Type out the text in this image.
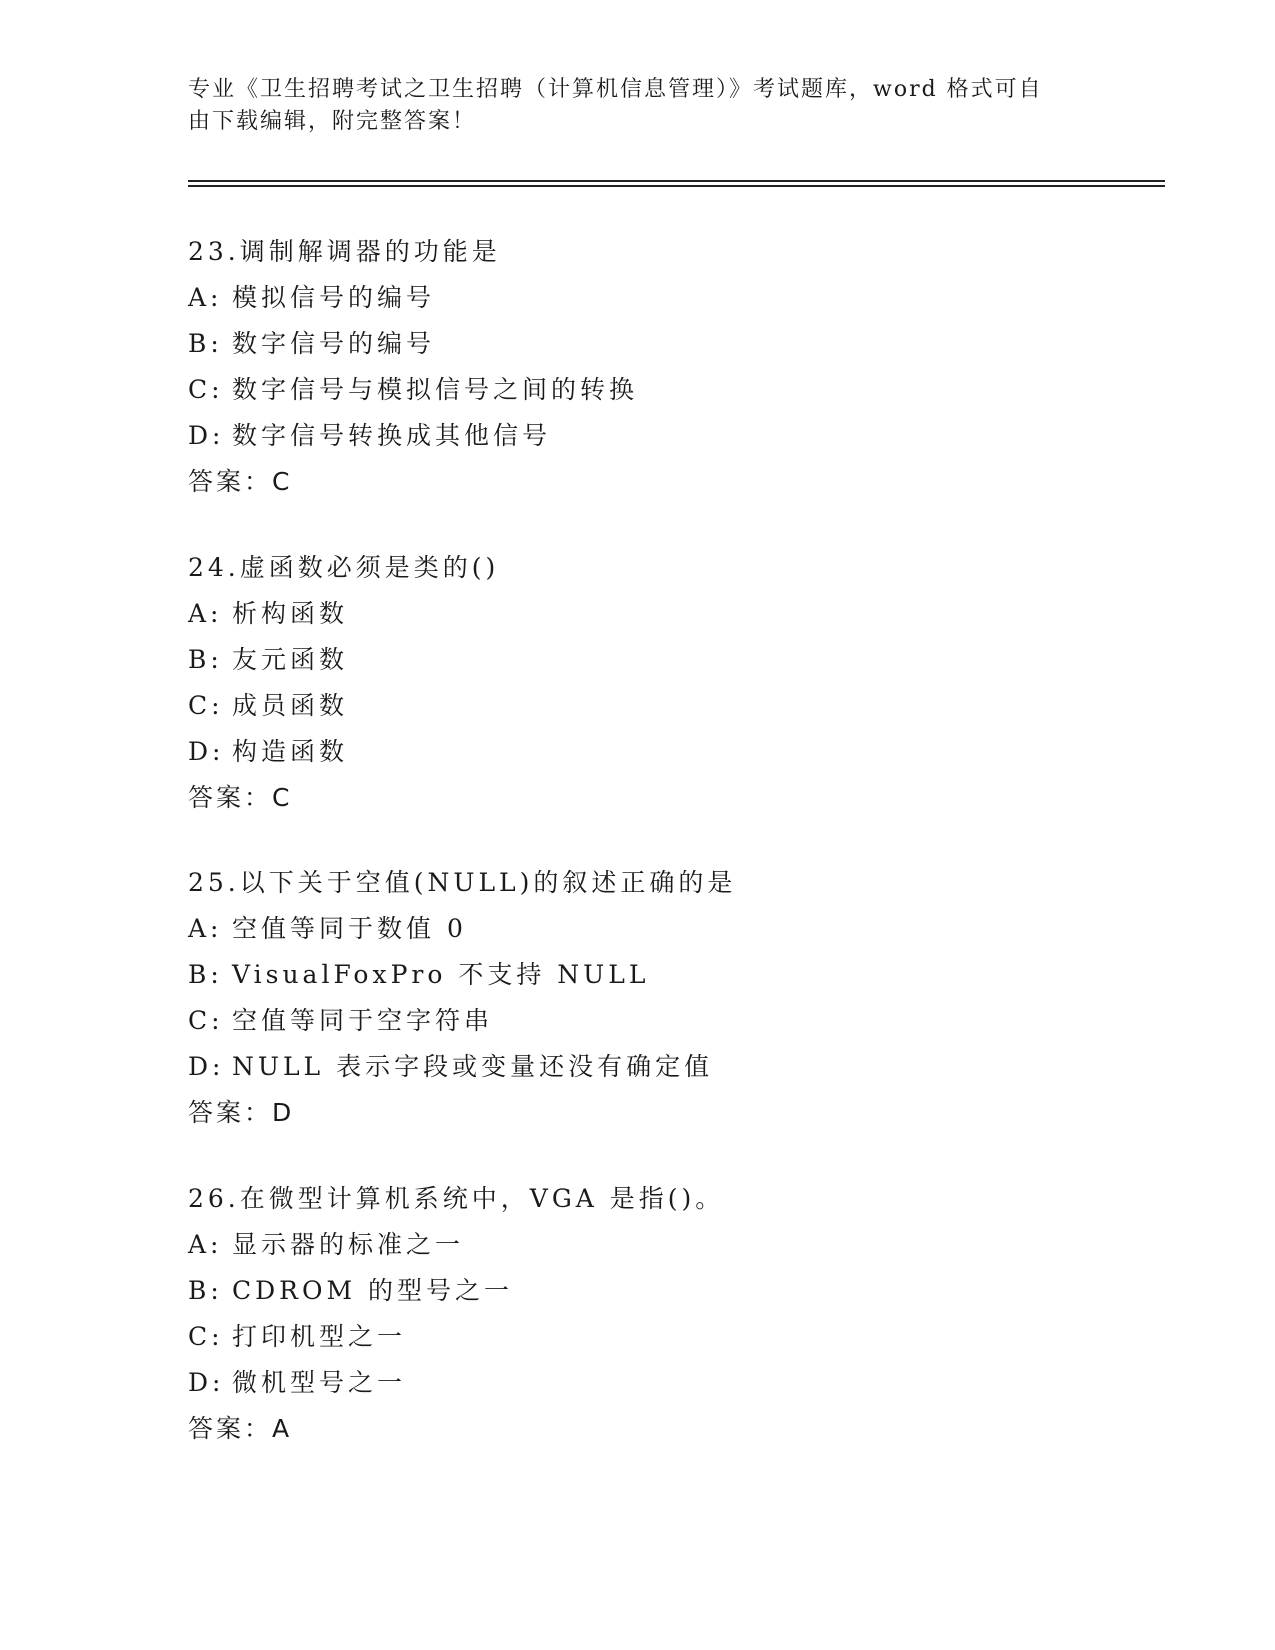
专业《卫生招聘考试之卫生招聘（计算机信息管理）》考试题库，word 格式可自
由下载编辑，附完整答案！
23.调制解调器的功能是
A: 模拟信号的编号
B: 数字信号的编号
C: 数字信号与模拟信号之间的转换
D: 数字信号转换成其他信号
答案：C
24.虚函数必须是类的()
A: 析构函数
B: 友元函数
C: 成员函数
D: 构造函数
答案：C
25.以下关于空值(NULL)的叙述正确的是
A: 空值等同于数值 0
B: VisualFoxPro 不支持 NULL
C: 空值等同于空字符串
D: NULL 表示字段或变量还没有确定值
答案：D
26.在微型计算机系统中，VGA 是指()。
A: 显示器的标准之一
B: CDROM 的型号之一
C: 打印机型之一
D: 微机型号之一
答案：A
